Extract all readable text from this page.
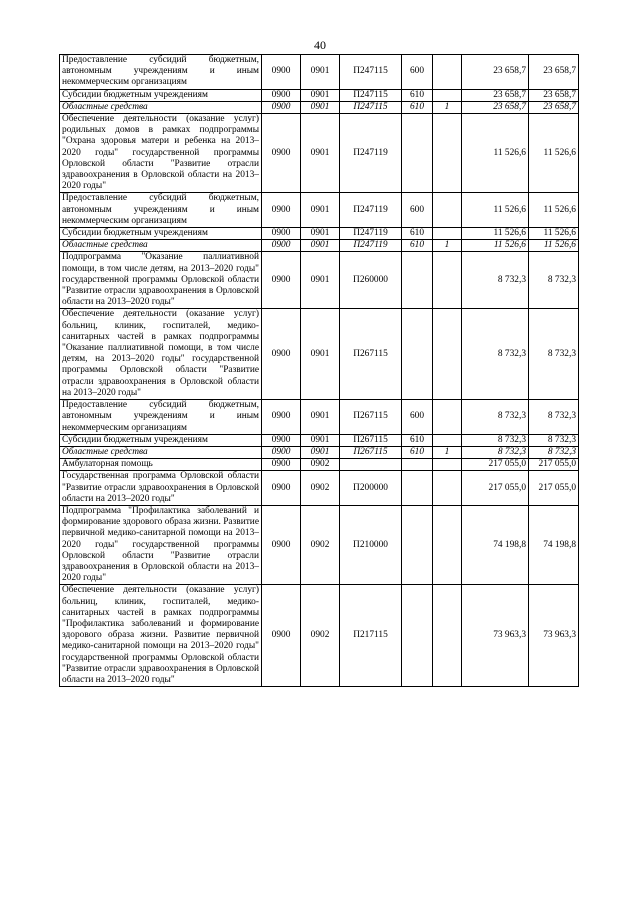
40
Предоставление субсидий бюджетным, автономным учреждениям и иным некоммерческим организациям	0900	0901	П247115	600		23 658,7	23 658,7
Субсидии бюджетным учреждениям	0900	0901	П247115	610		23 658,7	23 658,7
Областные средства	0900	0901	П247115	610	1	23 658,7	23 658,7
Обеспечение деятельности (оказание услуг) родильных домов в рамках подпрограммы "Охрана здоровья матери и ребенка на 2013–2020 годы" государственной программы Орловской области "Развитие отрасли здравоохранения в Орловской области на 2013–2020 годы"	0900	0901	П247119			11 526,6	11 526,6
Предоставление субсидий бюджетным, автономным учреждениям и иным некоммерческим организациям	0900	0901	П247119	600		11 526,6	11 526,6
Субсидии бюджетным учреждениям	0900	0901	П247119	610		11 526,6	11 526,6
Областные средства	0900	0901	П247119	610	1	11 526,6	11 526,6
Подпрограмма "Оказание паллиативной помощи, в том числе детям, на 2013–2020 годы" государственной программы Орловской области "Развитие отрасли здравоохранения в Орловской области на 2013–2020 годы"	0900	0901	П260000			8 732,3	8 732,3
Обеспечение деятельности (оказание услуг) больниц, клиник, госпиталей, медико-санитарных частей в рамках подпрограммы "Оказание паллиативной помощи, в том числе детям, на 2013–2020 годы" государственной программы Орловской области "Развитие отрасли здравоохранения в Орловской области на 2013–2020 годы"	0900	0901	П267115			8 732,3	8 732,3
Предоставление субсидий бюджетным, автономным учреждениям и иным некоммерческим организациям	0900	0901	П267115	600		8 732,3	8 732,3
Субсидии бюджетным учреждениям	0900	0901	П267115	610		8 732,3	8 732,3
Областные средства	0900	0901	П267115	610	1	8 732,3	8 732,3
Амбулаторная помощь	0900	0902				217 055,0	217 055,0
Государственная программа Орловской области "Развитие отрасли здравоохранения в Орловской области на 2013–2020 годы"	0900	0902	П200000			217 055,0	217 055,0
Подпрограмма "Профилактика заболеваний и формирование здорового образа жизни. Развитие первичной медико-санитарной помощи на 2013–2020 годы" государственной программы Орловской области "Развитие отрасли здравоохранения в Орловской области на 2013–2020 годы"	0900	0902	П210000			74 198,8	74 198,8
Обеспечение деятельности (оказание услуг) больниц, клиник, госпиталей, медико-санитарных частей в рамках подпрограммы "Профилактика заболеваний и формирование здорового образа жизни. Развитие первичной медико-санитарной помощи на 2013–2020 годы" государственной программы Орловской области "Развитие отрасли здравоохранения в Орловской области на 2013–2020 годы"	0900	0902	П217115			73 963,3	73 963,3
